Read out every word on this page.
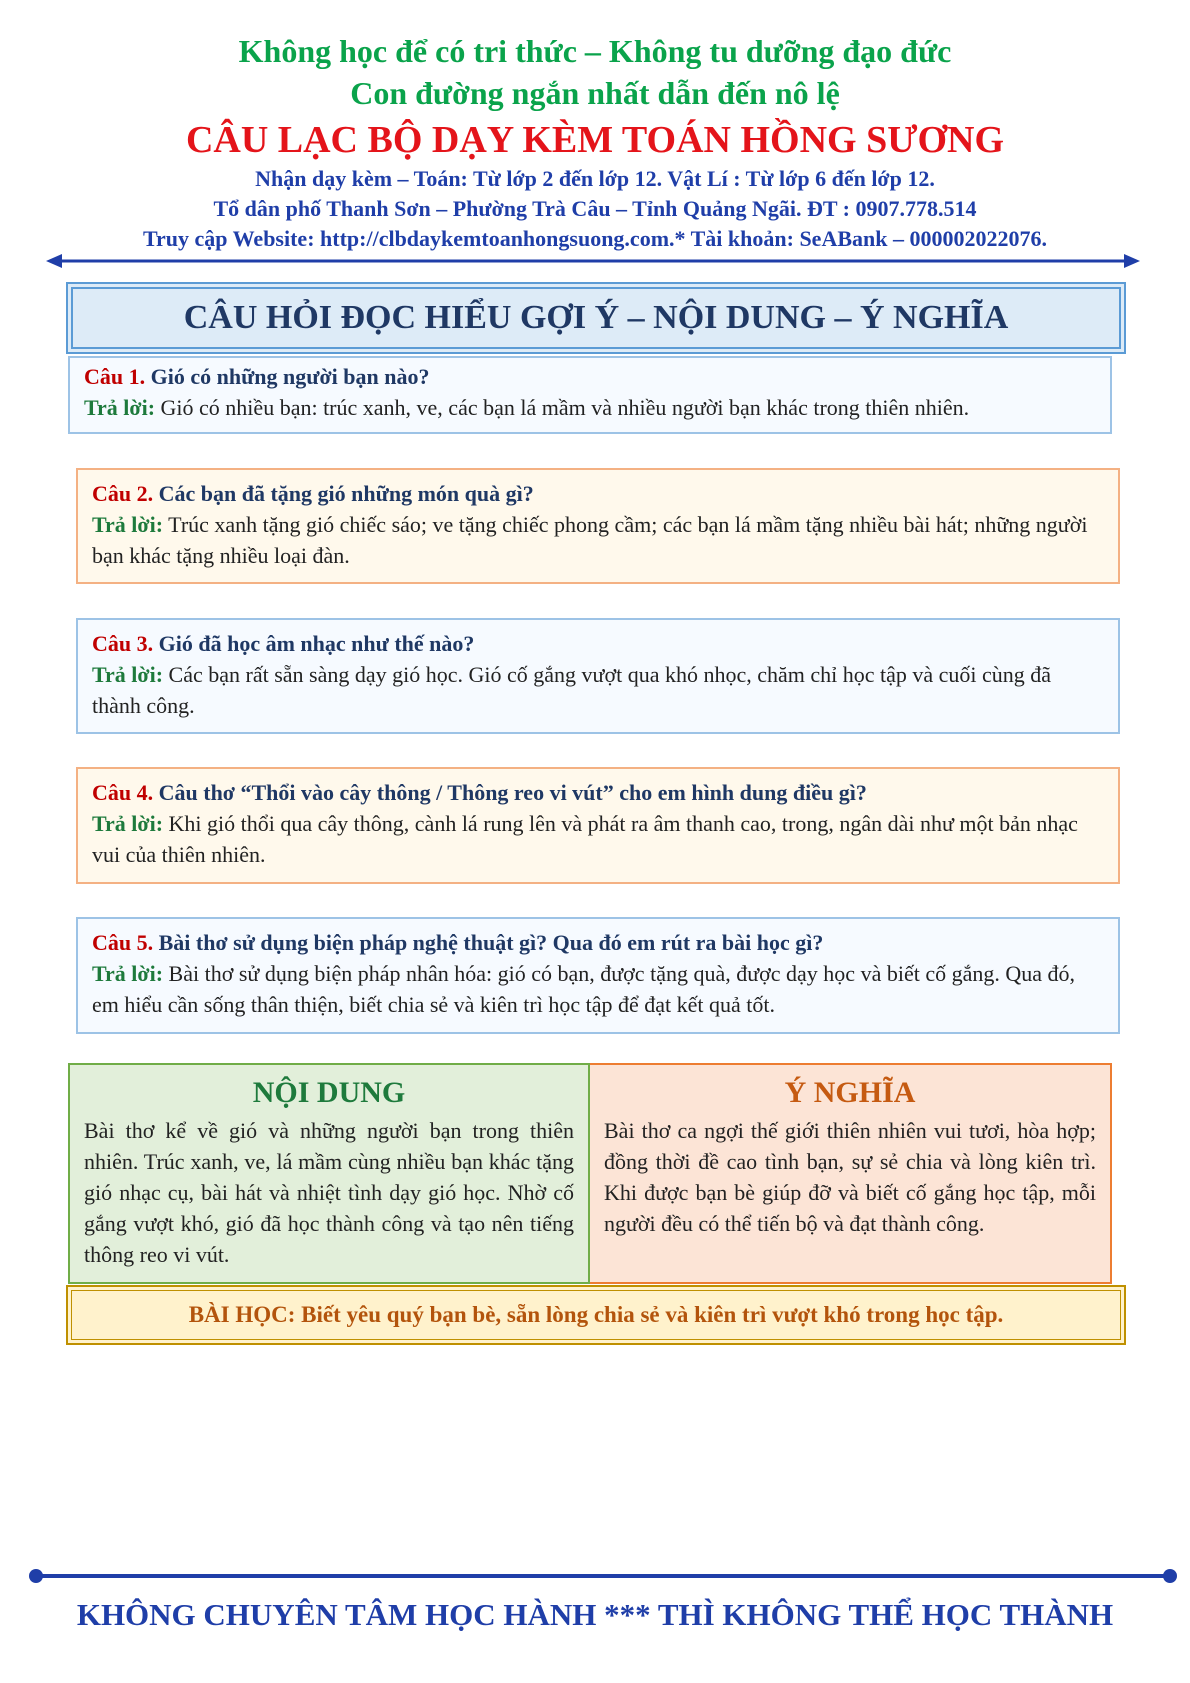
Không học để có tri thức – Không tu dưỡng đạo đức
Con đường ngắn nhất dẫn đến nô lệ
CÂU LẠC BỘ DẠY KÈM TOÁN HỒNG SƯƠNG
Nhận dạy kèm – Toán: Từ lớp 2 đến lớp 12. Vật Lí : Từ lớp 6 đến lớp 12.
Tổ dân phố Thanh Sơn – Phường Trà Câu – Tỉnh Quảng Ngãi. ĐT : 0907.778.514
Truy cập Website: http://clbdaykemtoanhongsuong.com.* Tài khoản: SeABank – 000002022076.
CÂU HỎI ĐỌC HIỂU GỢI Ý – NỘI DUNG – Ý NGHĨA
Câu 1. Gió có những người bạn nào?
Trả lời: Gió có nhiều bạn: trúc xanh, ve, các bạn lá mầm và nhiều người bạn khác trong thiên nhiên.
Câu 2. Các bạn đã tặng gió những món quà gì?
Trả lời: Trúc xanh tặng gió chiếc sáo; ve tặng chiếc phong cầm; các bạn lá mầm tặng nhiều bài hát; những người bạn khác tặng nhiều loại đàn.
Câu 3. Gió đã học âm nhạc như thế nào?
Trả lời: Các bạn rất sẵn sàng dạy gió học. Gió cố gắng vượt qua khó nhọc, chăm chỉ học tập và cuối cùng đã thành công.
Câu 4. Câu thơ “Thổi vào cây thông / Thông reo vi vút” cho em hình dung điều gì?
Trả lời: Khi gió thổi qua cây thông, cành lá rung lên và phát ra âm thanh cao, trong, ngân dài như một bản nhạc vui của thiên nhiên.
Câu 5. Bài thơ sử dụng biện pháp nghệ thuật gì? Qua đó em rút ra bài học gì?
Trả lời: Bài thơ sử dụng biện pháp nhân hóa: gió có bạn, được tặng quà, được dạy học và biết cố gắng. Qua đó, em hiểu cần sống thân thiện, biết chia sẻ và kiên trì học tập để đạt kết quả tốt.
NỘI DUNG

Bài thơ kể về gió và những người bạn trong thiên nhiên. Trúc xanh, ve, lá mầm cùng nhiều bạn khác tặng gió nhạc cụ, bài hát và nhiệt tình dạy gió học. Nhờ cố gắng vượt khó, gió đã học thành công và tạo nên tiếng thông reo vi vút.

Ý NGHĨA

Bài thơ ca ngợi thế giới thiên nhiên vui tươi, hòa hợp; đồng thời đề cao tình bạn, sự sẻ chia và lòng kiên trì. Khi được bạn bè giúp đỡ và biết cố gắng học tập, mỗi người đều có thể tiến bộ và đạt thành công.

BÀI HỌC: Biết yêu quý bạn bè, sẵn lòng chia sẻ và kiên trì vượt khó trong học tập.
KHÔNG CHUYÊN TÂM HỌC HÀNH *** THÌ KHÔNG THỂ HỌC THÀNH
